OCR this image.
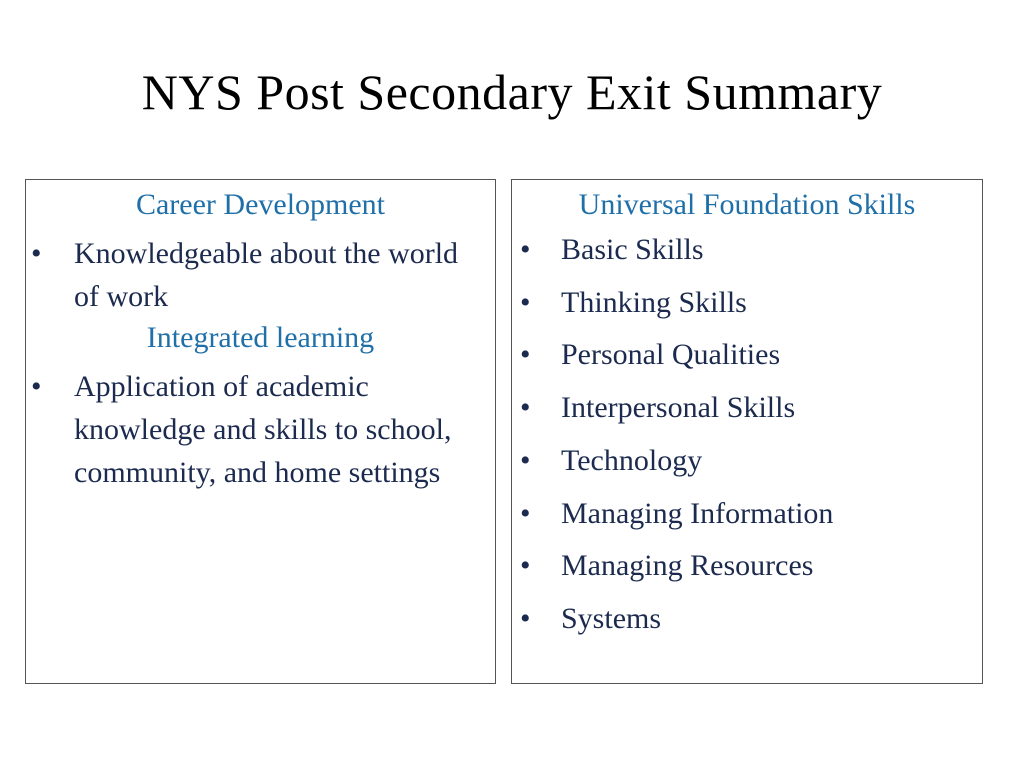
NYS Post Secondary Exit Summary

Career Development

• Knowledgeable about the world of work

Integrated learning

• Application of academic knowledge and skills to school, community, and home settings

Universal Foundation Skills

• Basic Skills
• Thinking Skills
• Personal Qualities
• Interpersonal Skills
• Technology
• Managing Information
• Managing Resources
• Systems
